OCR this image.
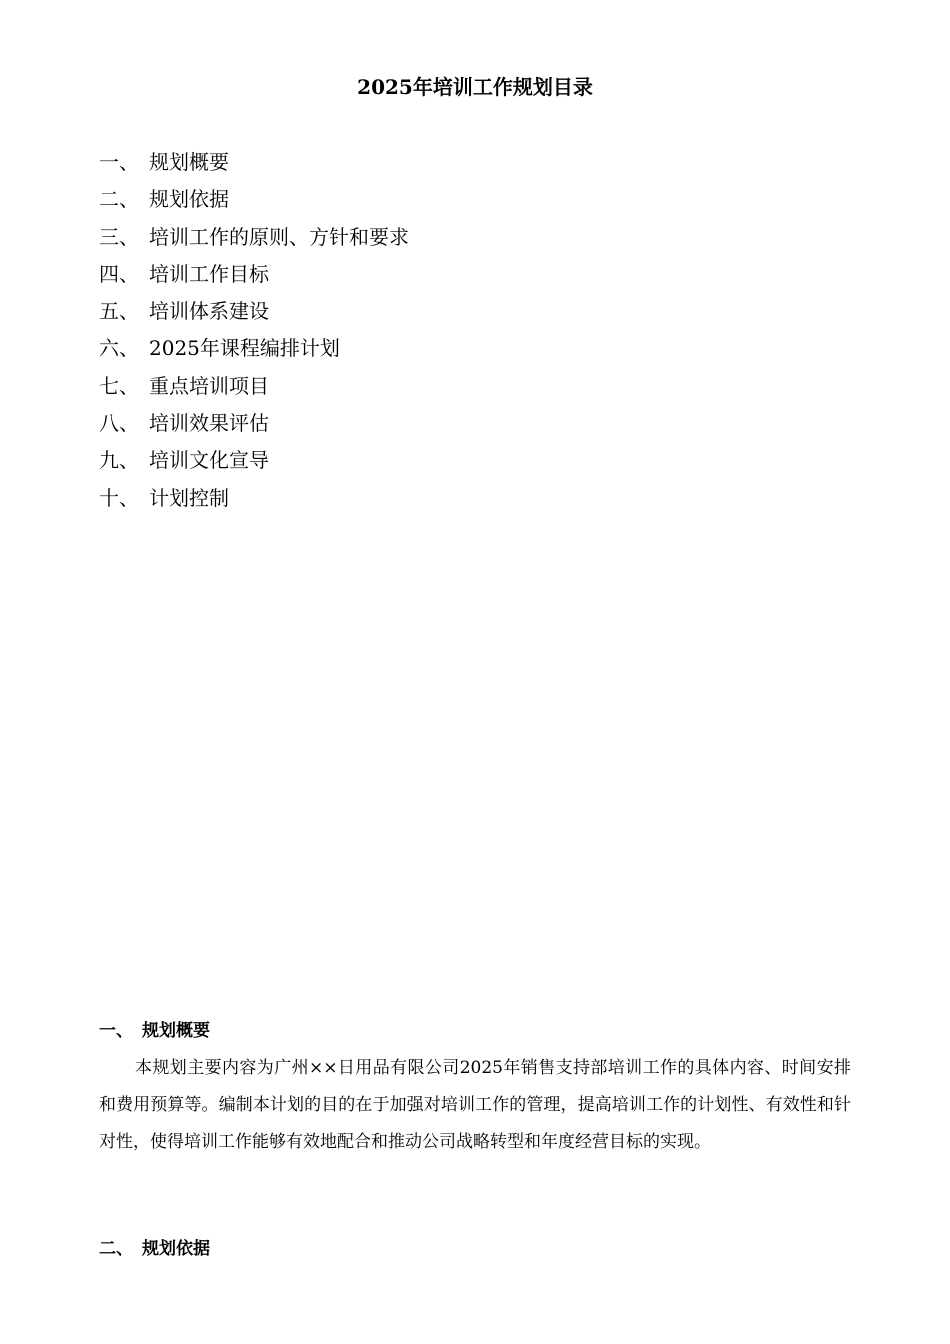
2025年培训工作规划目录
一、 规划概要
二、 规划依据
三、 培训工作的原则、方针和要求
四、 培训工作目标
五、 培训体系建设
六、 2025年课程编排计划
七、 重点培训项目
八、 培训效果评估
九、 培训文化宣导
十、 计划控制
一、 规划概要

本规划主要内容为广州××日用品有限公司2025年销售支持部培训工作的具体内容、时间安排和费用预算等。编制本计划的目的在于加强对培训工作的管理，提高培训工作的计划性、有效性和针对性，使得培训工作能够有效地配合和推动公司战略转型和年度经营目标的实现。

二、 规划依据
